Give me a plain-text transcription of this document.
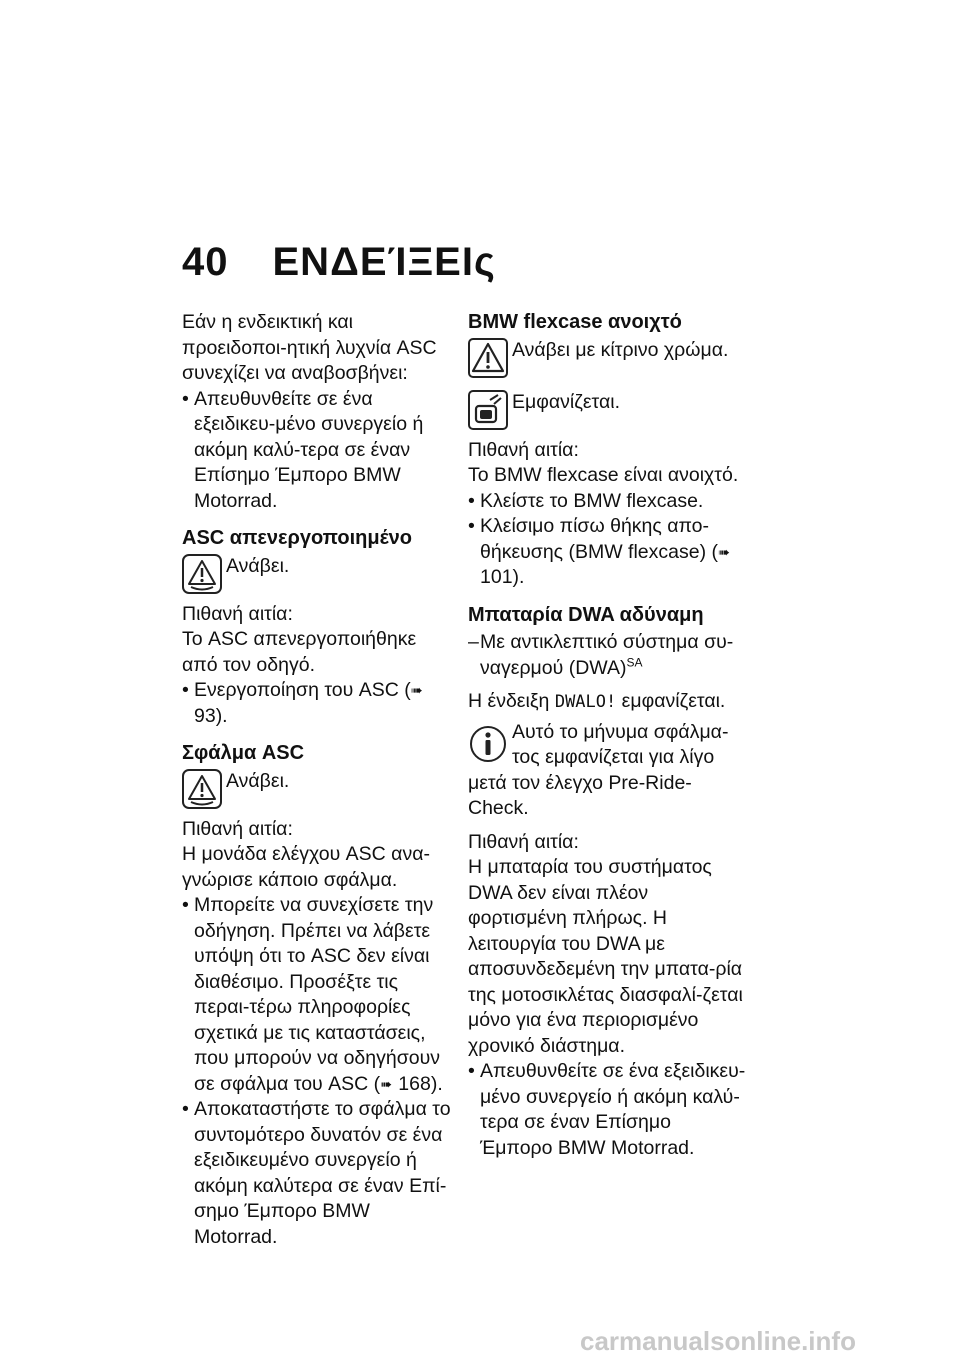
40 ΕΝΔΕΊΞΕΙς

Εάν η ενδεικτική και προειδοποι-ητική λυχνία ASC συνεχίζει να αναβοσβήνει:

• Απευθυνθείτε σε ένα εξειδικευ-μένο συνεργείο ή ακόμη καλύ-τερα σε έναν Επίσημο Έμπορο BMW Motorrad.
ASC απενεργοποιημένο
Ανάβει.

Πιθανή αιτία:

Το ASC απενεργοποιήθηκε από τον οδηγό.

• Ενεργοποίηση του ASC (➠ 93).
Σφάλμα ASC
Ανάβει.

Πιθανή αιτία:

Η μονάδα ελέγχου ASC ανα-γνώρισε κάποιο σφάλμα.

• Μπορείτε να συνεχίσετε την οδήγηση. Πρέπει να λάβετε υπόψη ότι το ASC δεν είναι διαθέσιμο. Προσέξτε τις περαι-τέρω πληροφορίες σχετικά με τις καταστάσεις, που μπορούν να οδηγήσουν σε σφάλμα του ASC (➠ 168).
• Αποκαταστήστε το σφάλμα το συντομότερο δυνατόν σε ένα εξειδικευμένο συνεργείο ή ακόμη καλύτερα σε έναν Επί-σημο Έμπορο BMW Motorrad.
BMW flexcase ανοιχτό
Ανάβει με κίτρινο χρώμα.
Εμφανίζεται.

Πιθανή αιτία:

Το BMW flexcase είναι ανοιχτό.

• Κλείστε το BMW flexcase.
• Κλείσιμο πίσω θήκης απο-θήκευσης (BMW flexcase) (➠ 101).
Μπαταρία DWA αδύναμη
– Με αντικλεπτικό σύστημα συ-ναγερμού (DWA)$^{SA}$

Η ένδειξη DWALO! εμφανίζεται.

Αυτό το μήνυμα σφάλμα-τος εμφανίζεται για λίγο μετά τον έλεγχο Pre-Ride-Check.

Πιθανή αιτία:

Η μπαταρία του συστήματος DWA δεν είναι πλέον φορτισμένη πλήρως. Η λειτουργία του DWA με αποσυνδεδεμένη την μπατα-ρία της μοτοσικλέτας διασφαλί-ζεται μόνο για ένα περιορισμένο χρονικό διάστημα.

• Απευθυνθείτε σε ένα εξειδικευ-μένο συνεργείο ή ακόμη καλύ-τερα σε έναν Επίσημο Έμπορο BMW Motorrad.
carmanualsonline.info
